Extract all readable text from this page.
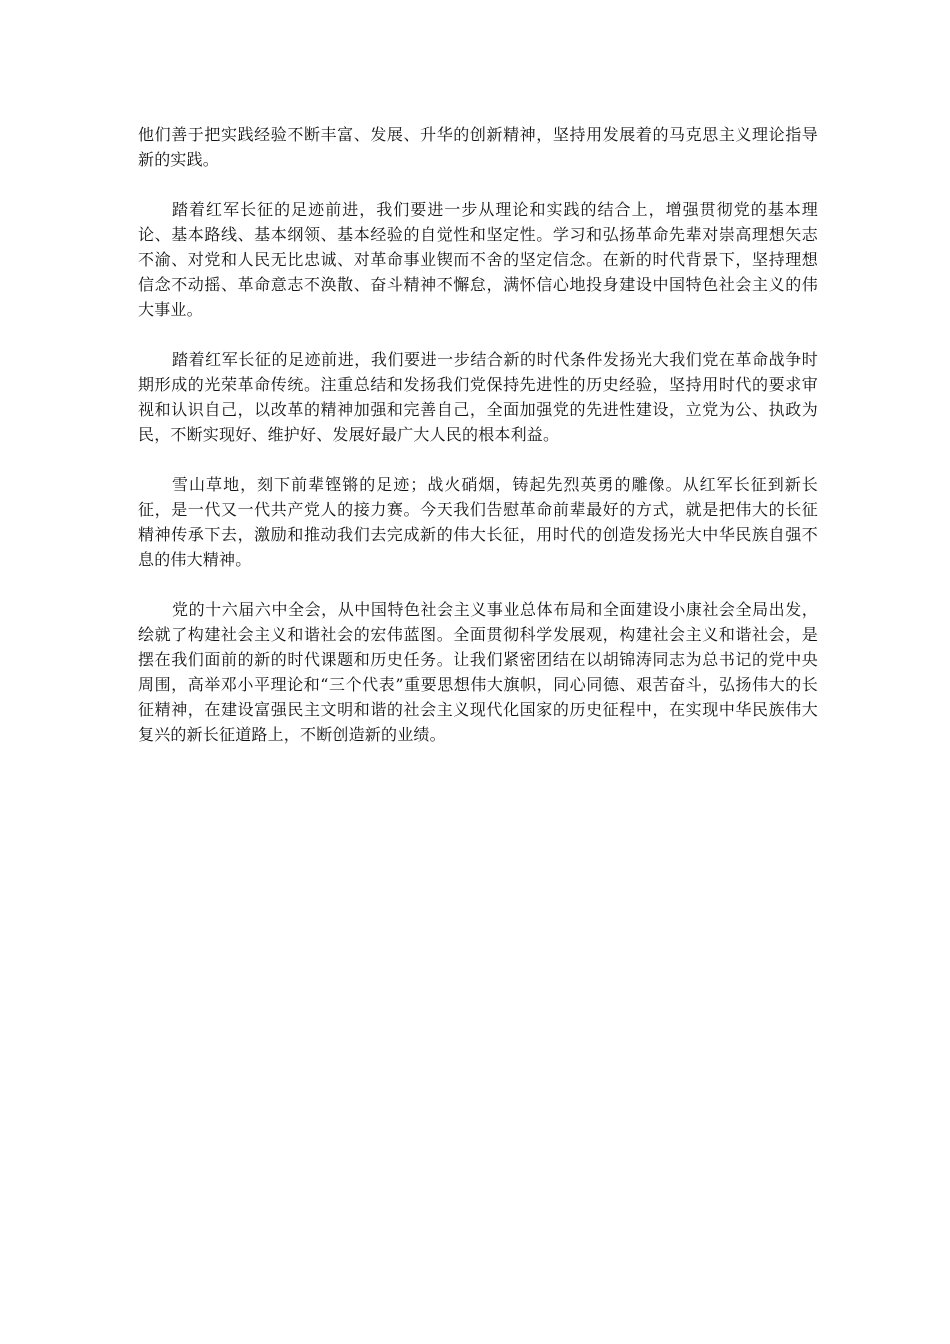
他们善于把实践经验不断丰富、发展、升华的创新精神，坚持用发展着的马克思主义理论指导新的实践。

踏着红军长征的足迹前进，我们要进一步从理论和实践的结合上，增强贯彻党的基本理论、基本路线、基本纲领、基本经验的自觉性和坚定性。学习和弘扬革命先辈对崇高理想矢志不渝、对党和人民无比忠诚、对革命事业锲而不舍的坚定信念。在新的时代背景下，坚持理想信念不动摇、革命意志不涣散、奋斗精神不懈怠，满怀信心地投身建设中国特色社会主义的伟大事业。

踏着红军长征的足迹前进，我们要进一步结合新的时代条件发扬光大我们党在革命战争时期形成的光荣革命传统。注重总结和发扬我们党保持先进性的历史经验，坚持用时代的要求审视和认识自己，以改革的精神加强和完善自己，全面加强党的先进性建设，立党为公、执政为民，不断实现好、维护好、发展好最广大人民的根本利益。

雪山草地，刻下前辈铿锵的足迹；战火硝烟，铸起先烈英勇的雕像。从红军长征到新长征，是一代又一代共产党人的接力赛。今天我们告慰革命前辈最好的方式，就是把伟大的长征精神传承下去，激励和推动我们去完成新的伟大长征，用时代的创造发扬光大中华民族自强不息的伟大精神。

党的十六届六中全会，从中国特色社会主义事业总体布局和全面建设小康社会全局出发，绘就了构建社会主义和谐社会的宏伟蓝图。全面贯彻科学发展观，构建社会主义和谐社会，是摆在我们面前的新的时代课题和历史任务。让我们紧密团结在以胡锦涛同志为总书记的党中央周围，高举邓小平理论和“三个代表”重要思想伟大旗帜，同心同德、艰苦奋斗，弘扬伟大的长征精神，在建设富强民主文明和谐的社会主义现代化国家的历史征程中，在实现中华民族伟大复兴的新长征道路上，不断创造新的业绩。
